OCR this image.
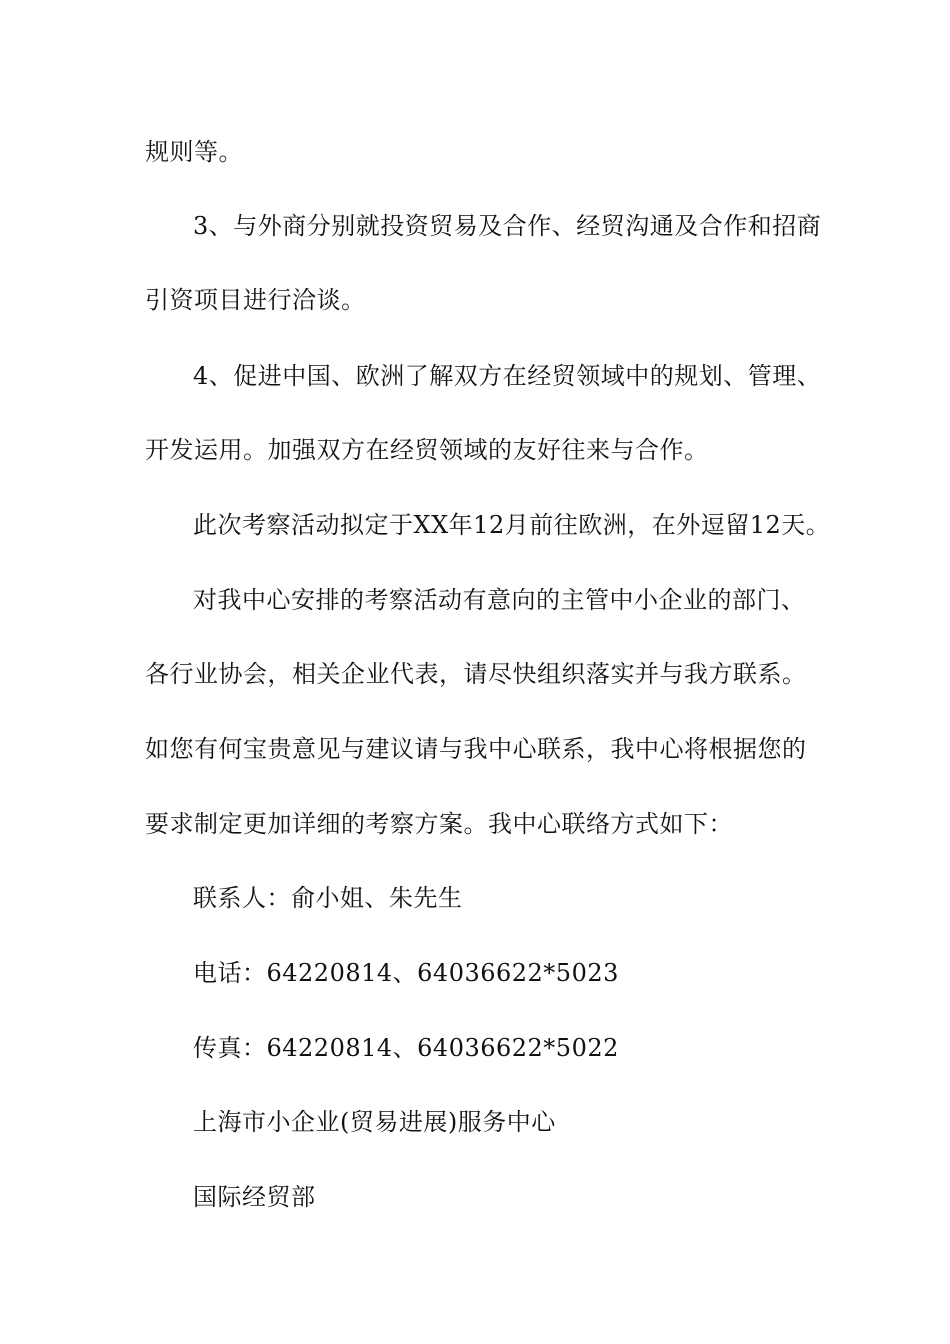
规则等。
3、与外商分别就投资贸易及合作、经贸沟通及合作和招商
引资项目进行洽谈。
4、促进中国、欧洲了解双方在经贸领域中的规划、管理、
开发运用。加强双方在经贸领域的友好往来与合作。
此次考察活动拟定于XX年12月前往欧洲，在外逗留12天。
对我中心安排的考察活动有意向的主管中小企业的部门、
各行业协会，相关企业代表，请尽快组织落实并与我方联系。
如您有何宝贵意见与建议请与我中心联系，我中心将根据您的
要求制定更加详细的考察方案。我中心联络方式如下：
联系人：俞小姐、朱先生
电话：64220814、64036622*5023
传真：64220814、64036622*5022
上海市小企业(贸易进展)服务中心
国际经贸部
